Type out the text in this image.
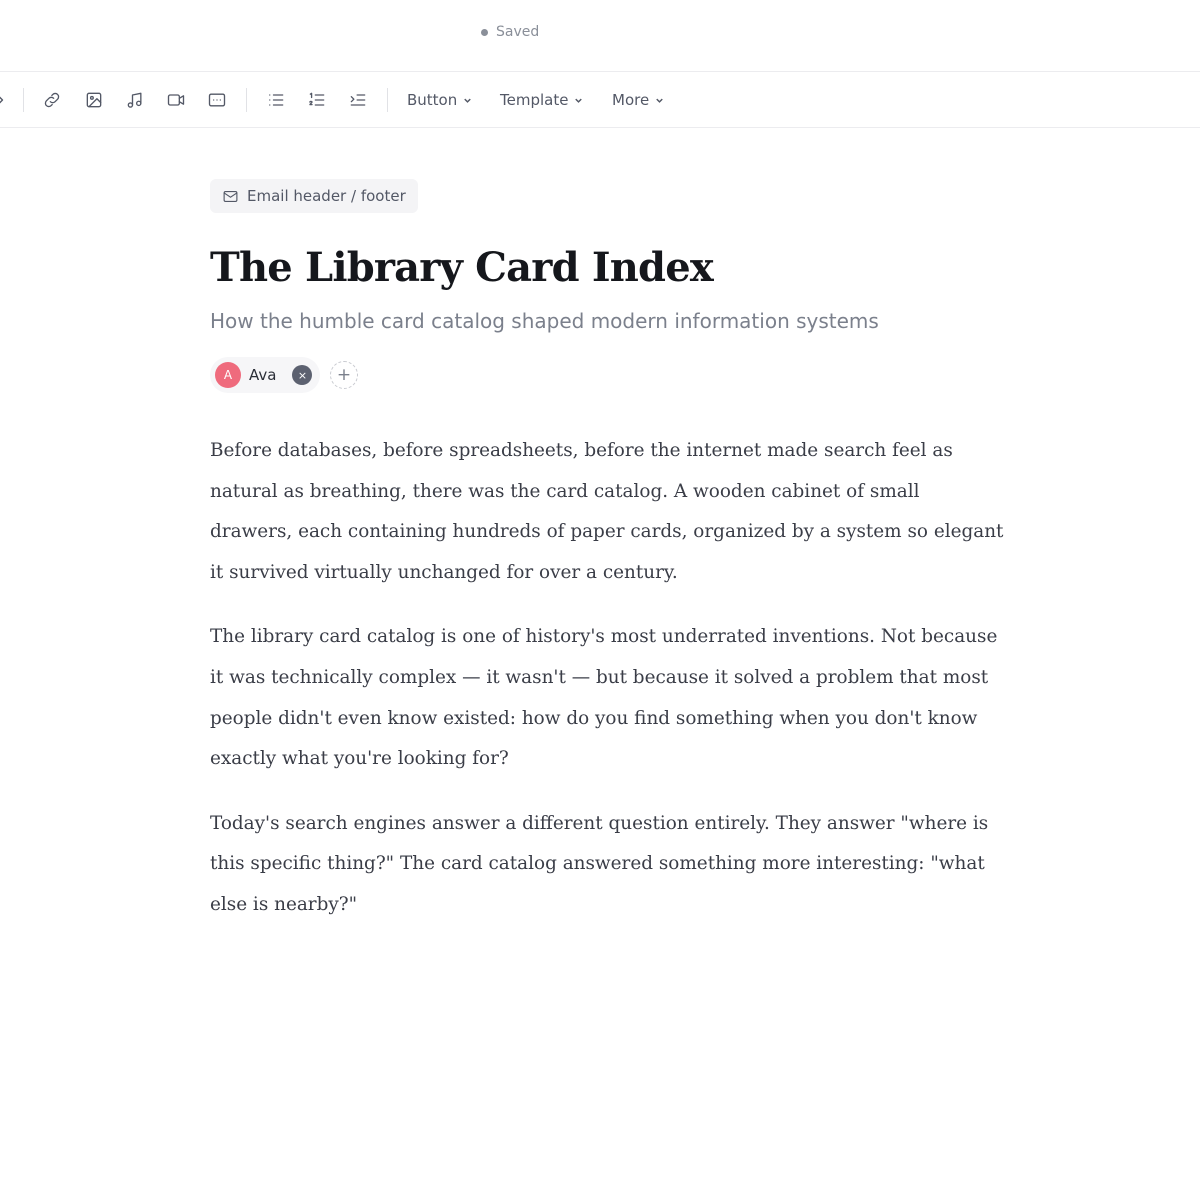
Saved
Button	Template	More
Email header / footer
The Library Card Index
How the humble card catalog shaped modern information systems
A	Ava	×	+

Before databases, before spreadsheets, before the internet made search feel as natural as breathing, there was the card catalog. A wooden cabinet of small drawers, each containing hundreds of paper cards, organized by a system so elegant it survived virtually unchanged for over a century.

The library card catalog is one of history's most underrated inventions. Not because it was technically complex — it wasn't — but because it solved a problem that most people didn't even know existed: how do you find something when you don't know exactly what you're looking for?

Today's search engines answer a different question entirely. They answer "where is this specific thing?" The card catalog answered something more interesting: "what else is nearby?"
